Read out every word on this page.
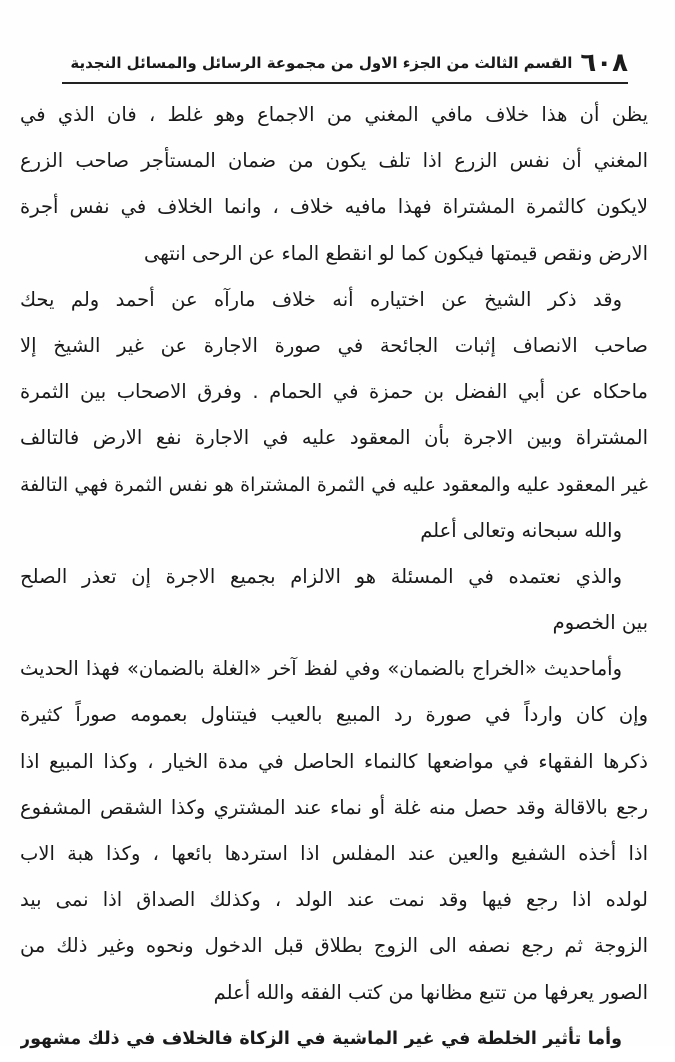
٦٠٨
القسم الثالث من الجزء الاول من مجموعة الرسائل والمسائل النجدية
يظن أن هذا خلاف مافي المغني من الاجماع وهو غلط ، فان الذي في
المغني أن نفس الزرع اذا تلف يكون من ضمان المستأجر صاحب الزرع
لايكون كالثمرة المشتراة فهذا مافيه خلاف ، وانما الخلاف في نفس أجرة
الارض ونقص قيمتها فيكون كما لو انقطع الماء عن الرحى انتهى
وقد ذكر الشيخ عن اختياره أنه خلاف مارآه عن أحمد ولم يحك
صاحب الانصاف إثبات الجائحة في صورة الاجارة عن غير الشيخ إلا
ماحكاه عن أبي الفضل بن حمزة في الحمام . وفرق الاصحاب بين الثمرة
المشتراة وبين الاجرة بأن المعقود عليه في الاجارة نفع الارض فالتالف
غير المعقود عليه والمعقود عليه في الثمرة المشتراة هو نفس الثمرة فهي التالفة
والله سبحانه وتعالى أعلم
والذي نعتمده في المسئلة هو الالزام بجميع الاجرة إن تعذر الصلح
بين الخصوم
وأماحديث «الخراج بالضمان» وفي لفظ آخر «الغلة بالضمان» فهذا الحديث
وإن كان وارداً في صورة رد المبيع بالعيب فيتناول بعمومه صوراً كثيرة
ذكرها الفقهاء في مواضعها كالنماء الحاصل في مدة الخيار ، وكذا المبيع اذا
رجع بالاقالة وقد حصل منه غلة أو نماء عند المشتري وكذا الشقص المشفوع
اذا أخذه الشفيع والعين عند المفلس اذا استردها بائعها ، وكذا هبة الاب
لولده اذا رجع فيها وقد نمت عند الولد ، وكذلك الصداق اذا نمى بيد
الزوجة ثم رجع نصفه الى الزوج بطلاق قبل الدخول ونحوه وغير ذلك من
الصور يعرفها من تتبع مظانها من كتب الفقه والله أعلم
وأما تأثير الخلطة في غير الماشية في الزكاة فالخلاف في ذلك مشهور
